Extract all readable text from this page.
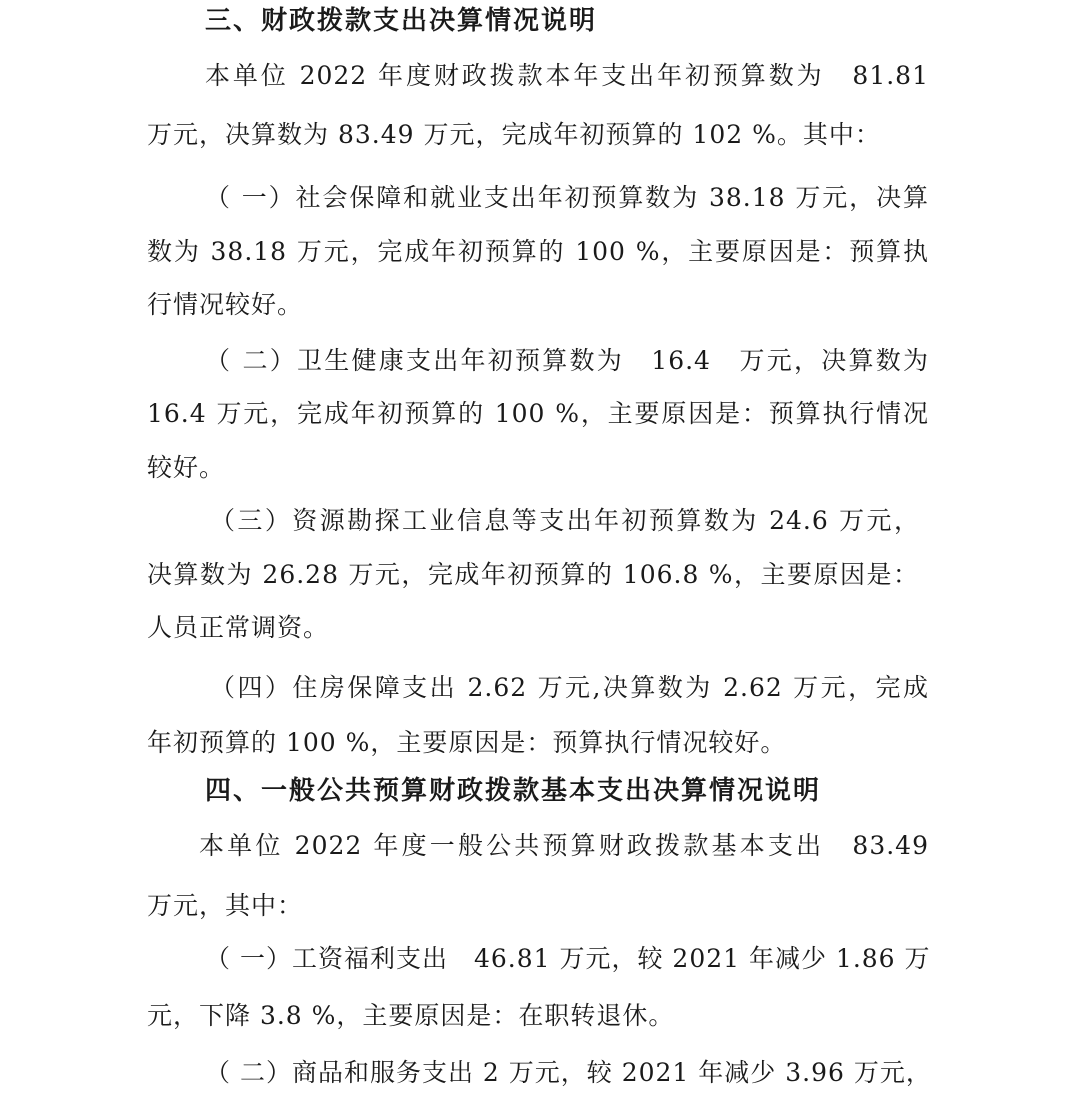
三、财政拨款支出决算情况说明
本单位 2022 年度财政拨款本年支出年初预算数为　81.81
万元，决算数为 83.49 万元，完成年初预算的 102 %。其中：
（ 一）社会保障和就业支出年初预算数为 38.18 万元，决算
数为 38.18 万元，完成年初预算的 100 %，主要原因是：预算执
行情况较好。
（ 二）卫生健康支出年初预算数为　16.4　万元，决算数为
16.4 万元，完成年初预算的 100 %，主要原因是：预算执行情况
较好。
（三）资源勘探工业信息等支出年初预算数为 24.6 万元，
决算数为 26.28 万元，完成年初预算的 106.8 %，主要原因是：
人员正常调资。
（四）住房保障支出 2.62 万元,决算数为 2.62 万元，完成
年初预算的 100 %，主要原因是：预算执行情况较好。
四、一般公共预算财政拨款基本支出决算情况说明
本单位 2022 年度一般公共预算财政拨款基本支出　83.49
万元，其中：
（ 一）工资福利支出　46.81 万元，较 2021 年减少 1.86 万
元，下降 3.8 %，主要原因是：在职转退休。
（ 二）商品和服务支出 2 万元，较 2021 年减少 3.96 万元，
